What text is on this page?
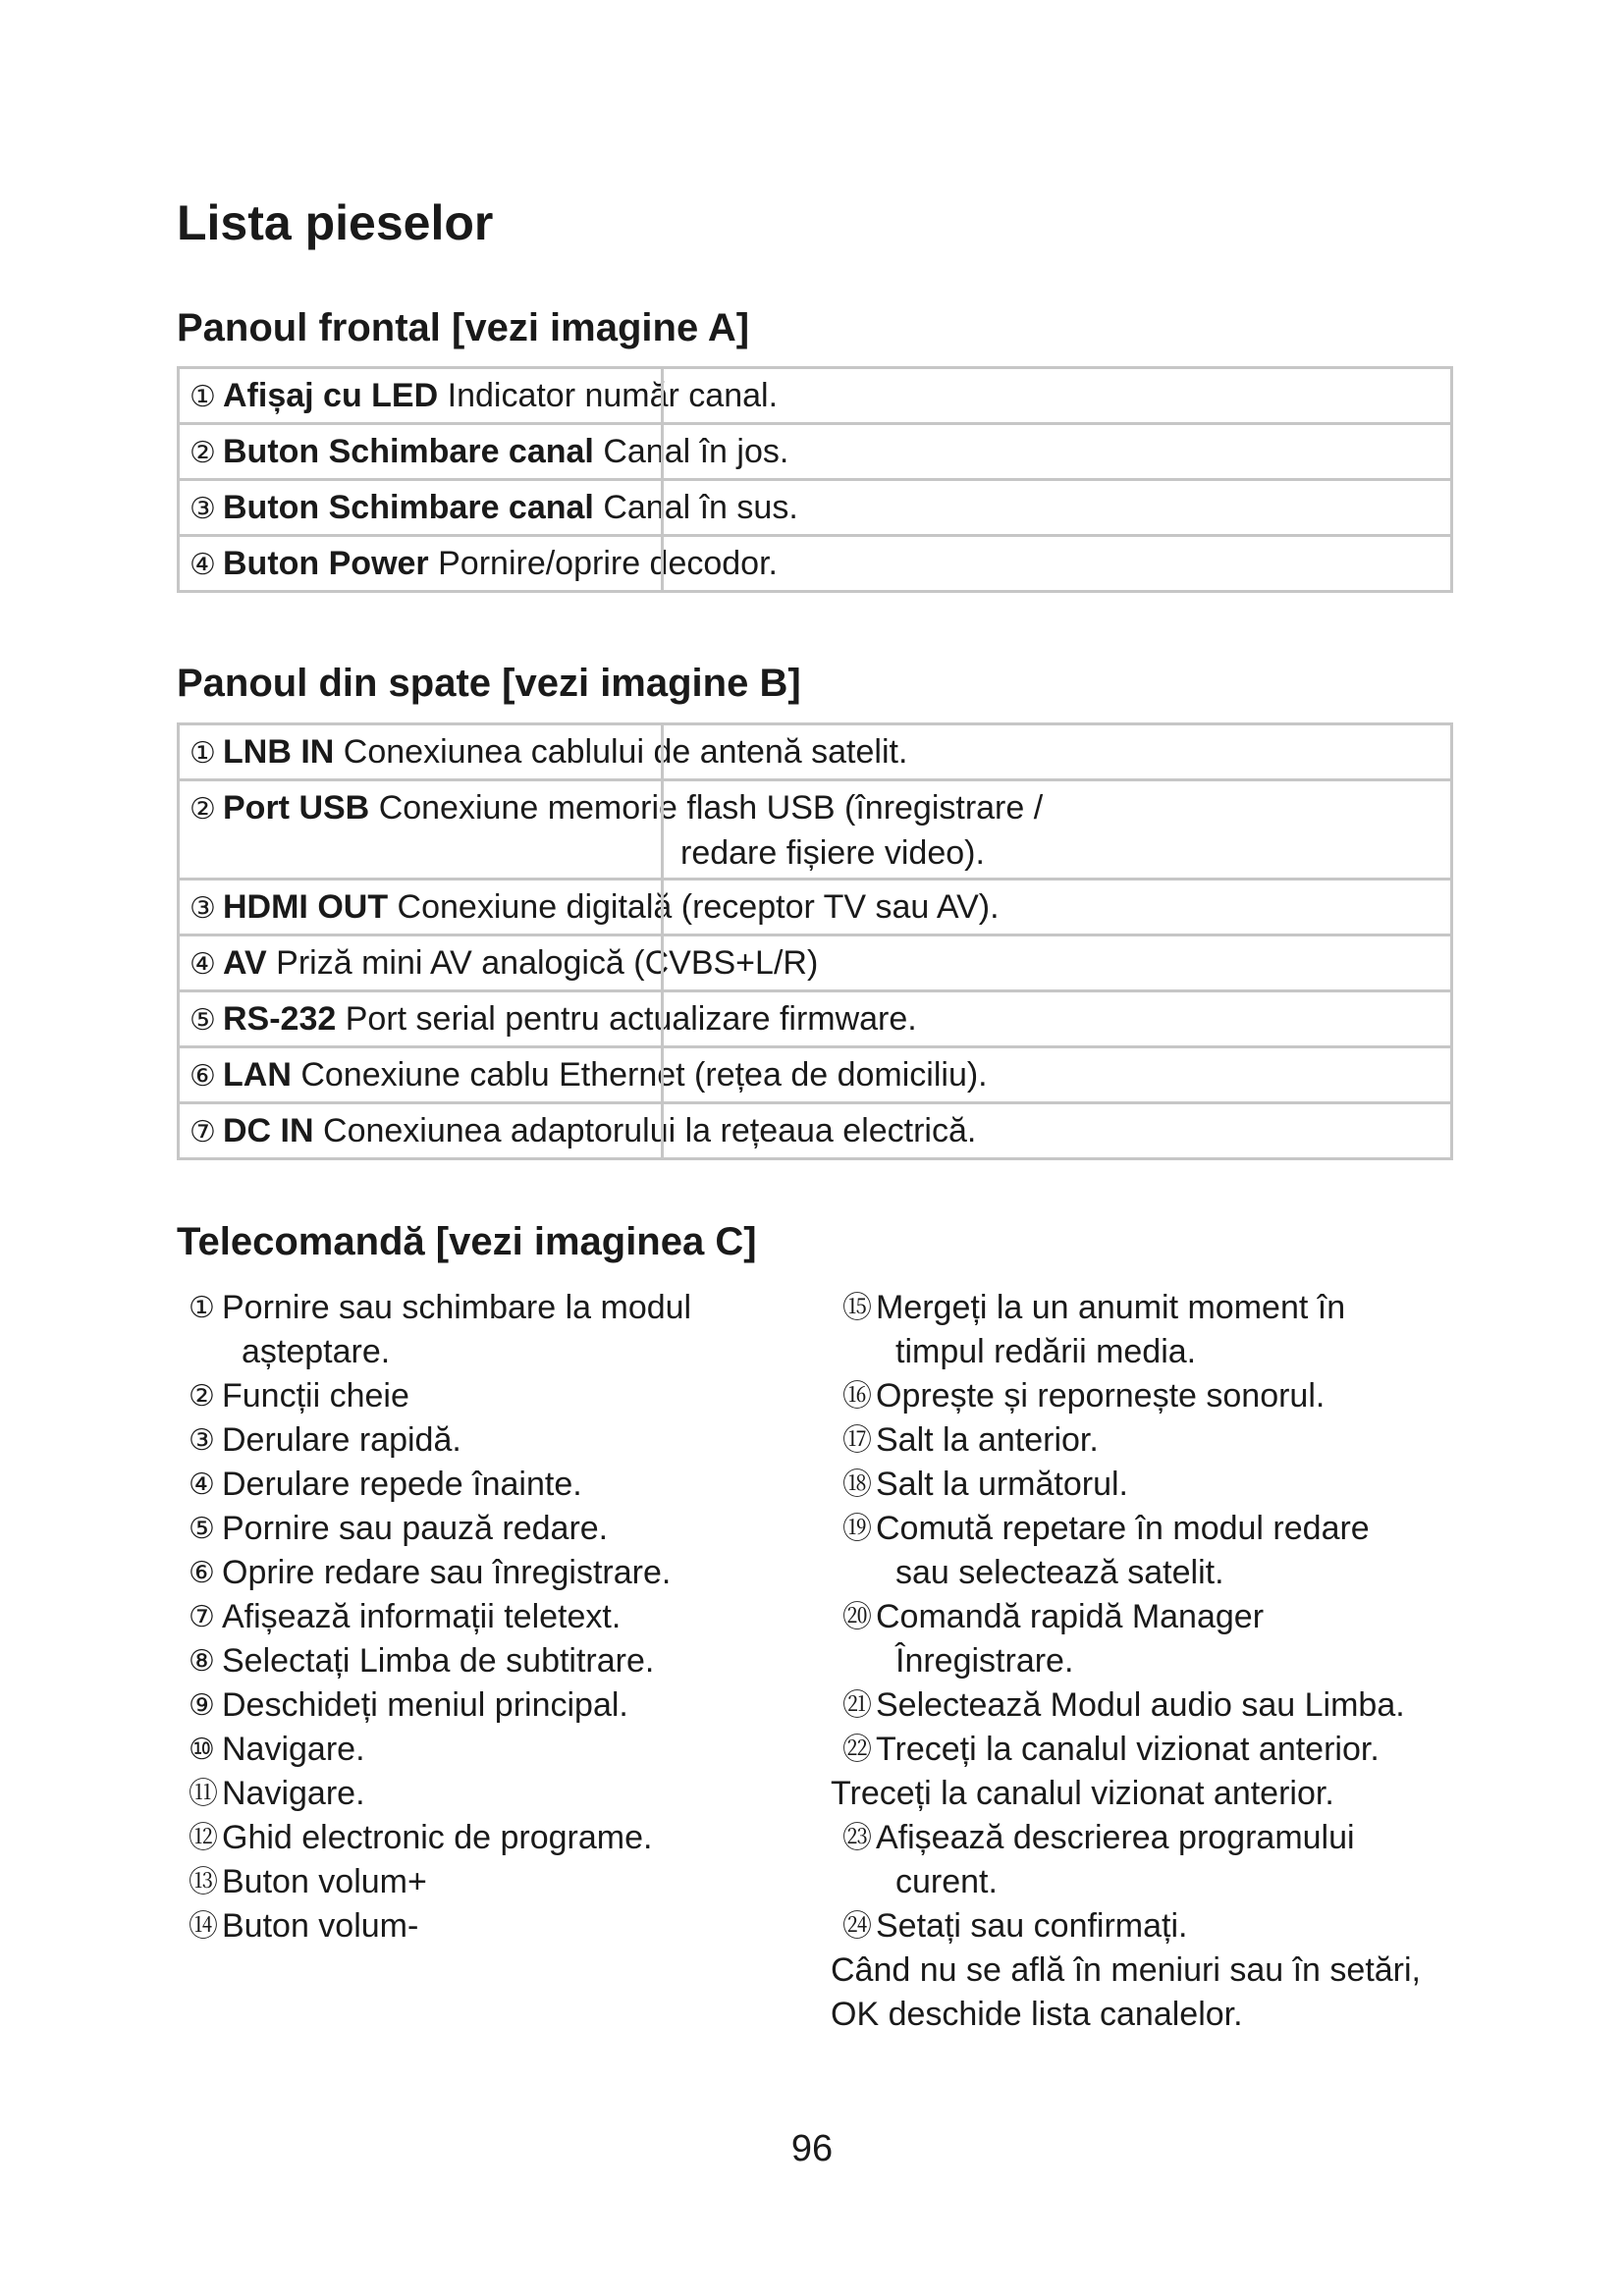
Lista pieselor
Panoul frontal [vezi imagine A]
① Afișaj cu LED Indicator număr canal.
② Buton Schimbare canal Canal în jos.
③ Buton Schimbare canal Canal în sus.
④ Buton Power Pornire/oprire decodor.
Panoul din spate [vezi imagine B]
① LNB IN Conexiunea cablului de antenă satelit.
② Port USB Conexiune memorie flash USB (înregistrare /
redare fișiere video).

③ HDMI OUT Conexiune digitală (receptor TV sau AV).
④ AV Priză mini AV analogică (CVBS+L/R)
⑤ RS-232 Port serial pentru actualizare firmware.
⑥ LAN Conexiune cablu Ethernet (rețea de domiciliu).
⑦ DC IN Conexiunea adaptorului la rețeaua electrică.
Telecomandă [vezi imaginea C]
① Pornire sau schimbare la modul
așteptare.
② Funcții cheie
③ Derulare rapidă.
④ Derulare repede înainte.
⑤ Pornire sau pauză redare.
⑥ Oprire redare sau înregistrare.
⑦ Afișează informații teletext.
⑧ Selectați Limba de subtitrare.
⑨ Deschideți meniul principal.
⑩ Navigare.
⑪ Navigare.
⑫ Ghid electronic de programe.
⑬ Buton volum+
⑭ Buton volum-
⑮ Mergeți la un anumit moment în
timpul redării media.
⑯ Oprește și repornește sonorul.
⑰ Salt la anterior.
⑱ Salt la următorul.
⑲ Comută repetare în modul redare
sau selectează satelit.
⑳ Comandă rapidă Manager
Înregistrare.
㉑ Selectează Modul audio sau Limba.
㉒ Treceți la canalul vizionat anterior.
Treceți la canalul vizionat anterior.
㉓ Afișează descrierea programului
curent.
㉔ Setați sau confirmați.
Când nu se află în meniuri sau în setări,
OK deschide lista canalelor.
96
